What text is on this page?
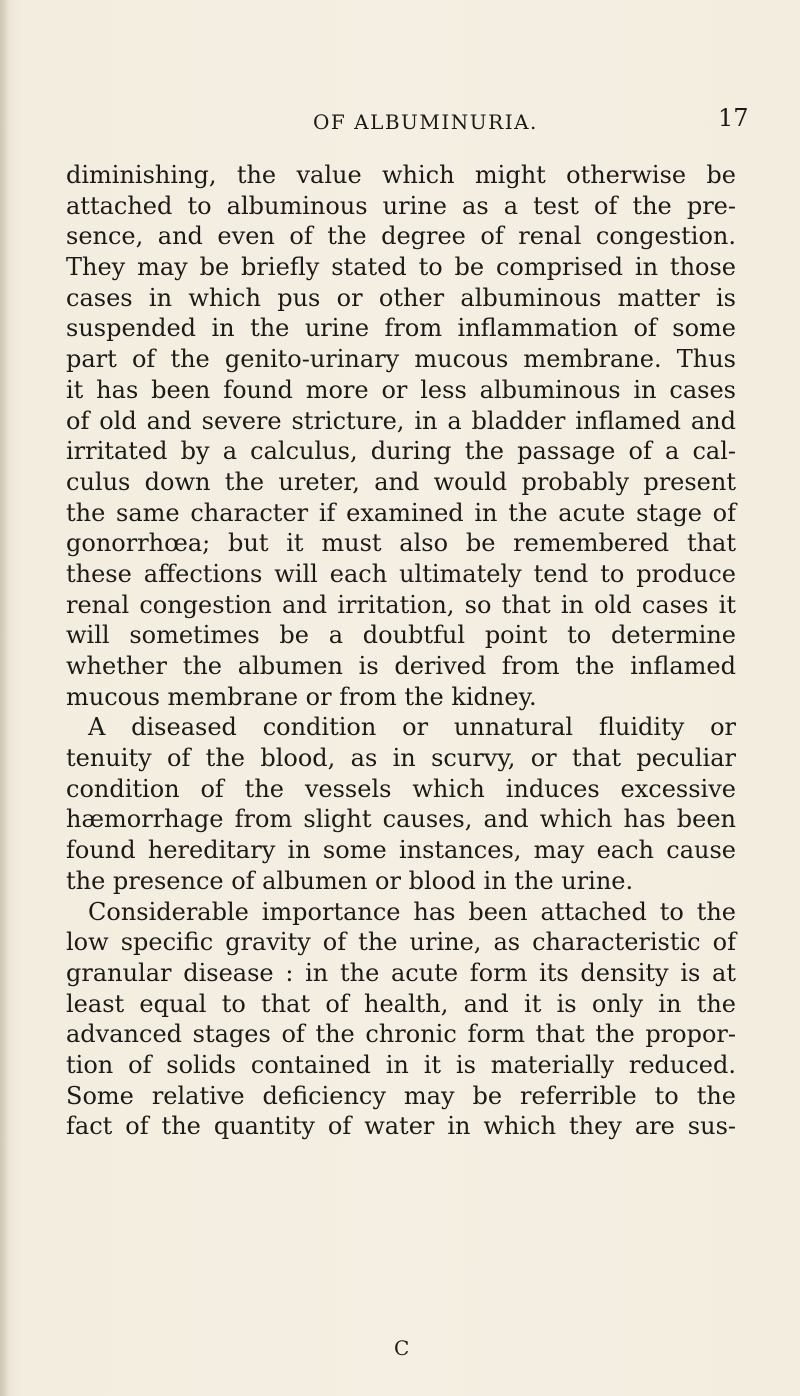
OF ALBUMINURIA.	17
diminishing, the value which might otherwise be
attached to albuminous urine as a test of the pre-
sence, and even of the degree of renal congestion.
They may be briefly stated to be comprised in those
cases in which pus or other albuminous matter is
suspended in the urine from inflammation of some
part of the genito-urinary mucous membrane. Thus
it has been found more or less albuminous in cases
of old and severe stricture, in a bladder inflamed and
irritated by a calculus, during the passage of a cal-
culus down the ureter, and would probably present
the same character if examined in the acute stage of
gonorrhœa; but it must also be remembered that
these affections will each ultimately tend to produce
renal congestion and irritation, so that in old cases it
will sometimes be a doubtful point to determine
whether the albumen is derived from the inflamed
mucous membrane or from the kidney.
A diseased condition or unnatural fluidity or
tenuity of the blood, as in scurvy, or that peculiar
condition of the vessels which induces excessive
hæmorrhage from slight causes, and which has been
found hereditary in some instances, may each cause
the presence of albumen or blood in the urine.
Considerable importance has been attached to the
low specific gravity of the urine, as characteristic of
granular disease : in the acute form its density is at
least equal to that of health, and it is only in the
advanced stages of the chronic form that the propor-
tion of solids contained in it is materially reduced.
Some relative deficiency may be referrible to the
fact of the quantity of water in which they are sus-
C
